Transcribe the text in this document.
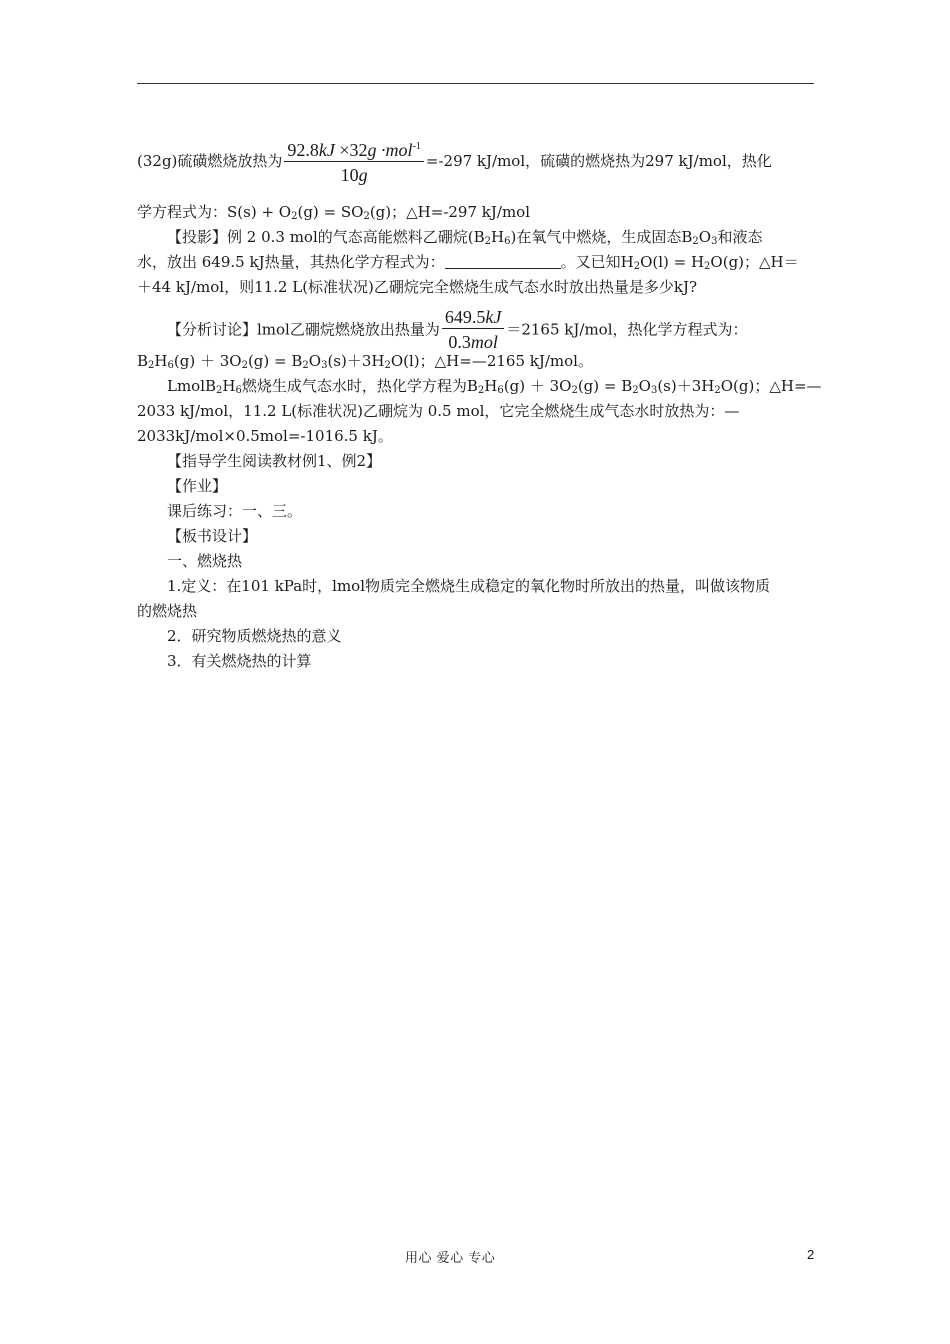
(32g)硫磺燃烧放热为 $\frac{92.8kJ \times 32g \cdot mol^{-1}}{10g} =-297$ kJ/mol，硫磺的燃烧热为297 kJ/mol，热化
学方程式为：$S(s) + O_2(g) = SO_2(g)$；△H=-297 kJ/mol
【投影】例 2 0.3 mol的气态高能燃料乙硼烷$(B_2H_6)$在氧气中燃烧，生成固态$B_2O_3$和液态
水，放出 649.5 kJ热量，其热化学方程式为：	。又已知$H_2O(l) = H_2O(g)$；△H＝
＋44 kJ/mol，则11.2 L(标准状况)乙硼烷完全燃烧生成气态水时放出热量是多少kJ?
【分析讨论】lmol乙硼烷燃烧放出热量为 $\frac{649.5kJ}{\text{0.3mol}} =2165$ kJ/mol，热化学方程式为：
$B_2H_6(g) + 3O_2(g) = B_2O_3(s)+3H_2O(l)$；△H=—2165 kJ/mol。
$LmolB_2H_6$燃烧生成气态水时，热化学方程为$B_2H_6(g) + 3O_2(g) = B_2O_3(s)+3H_2O(g)$；△H=—
2033 kJ/mol，11.2 L(标准状况)乙硼烷为 0.5 mol，它完全燃烧生成气态水时放热为：—
2033kJ/mol×0.5mol=-1016.5 kJ。
【指导学生阅读教材例1、例2】
【作业】
课后练习：一、三。
【板书设计】
一、燃烧热
1.定义：在101 kPa时，lmol物质完全燃烧生成稳定的氧化物时所放出的热量，叫做该物质
的燃烧热
2．研究物质燃烧热的意义
3．有关燃烧热的计算
用心 爱心 专心	2
